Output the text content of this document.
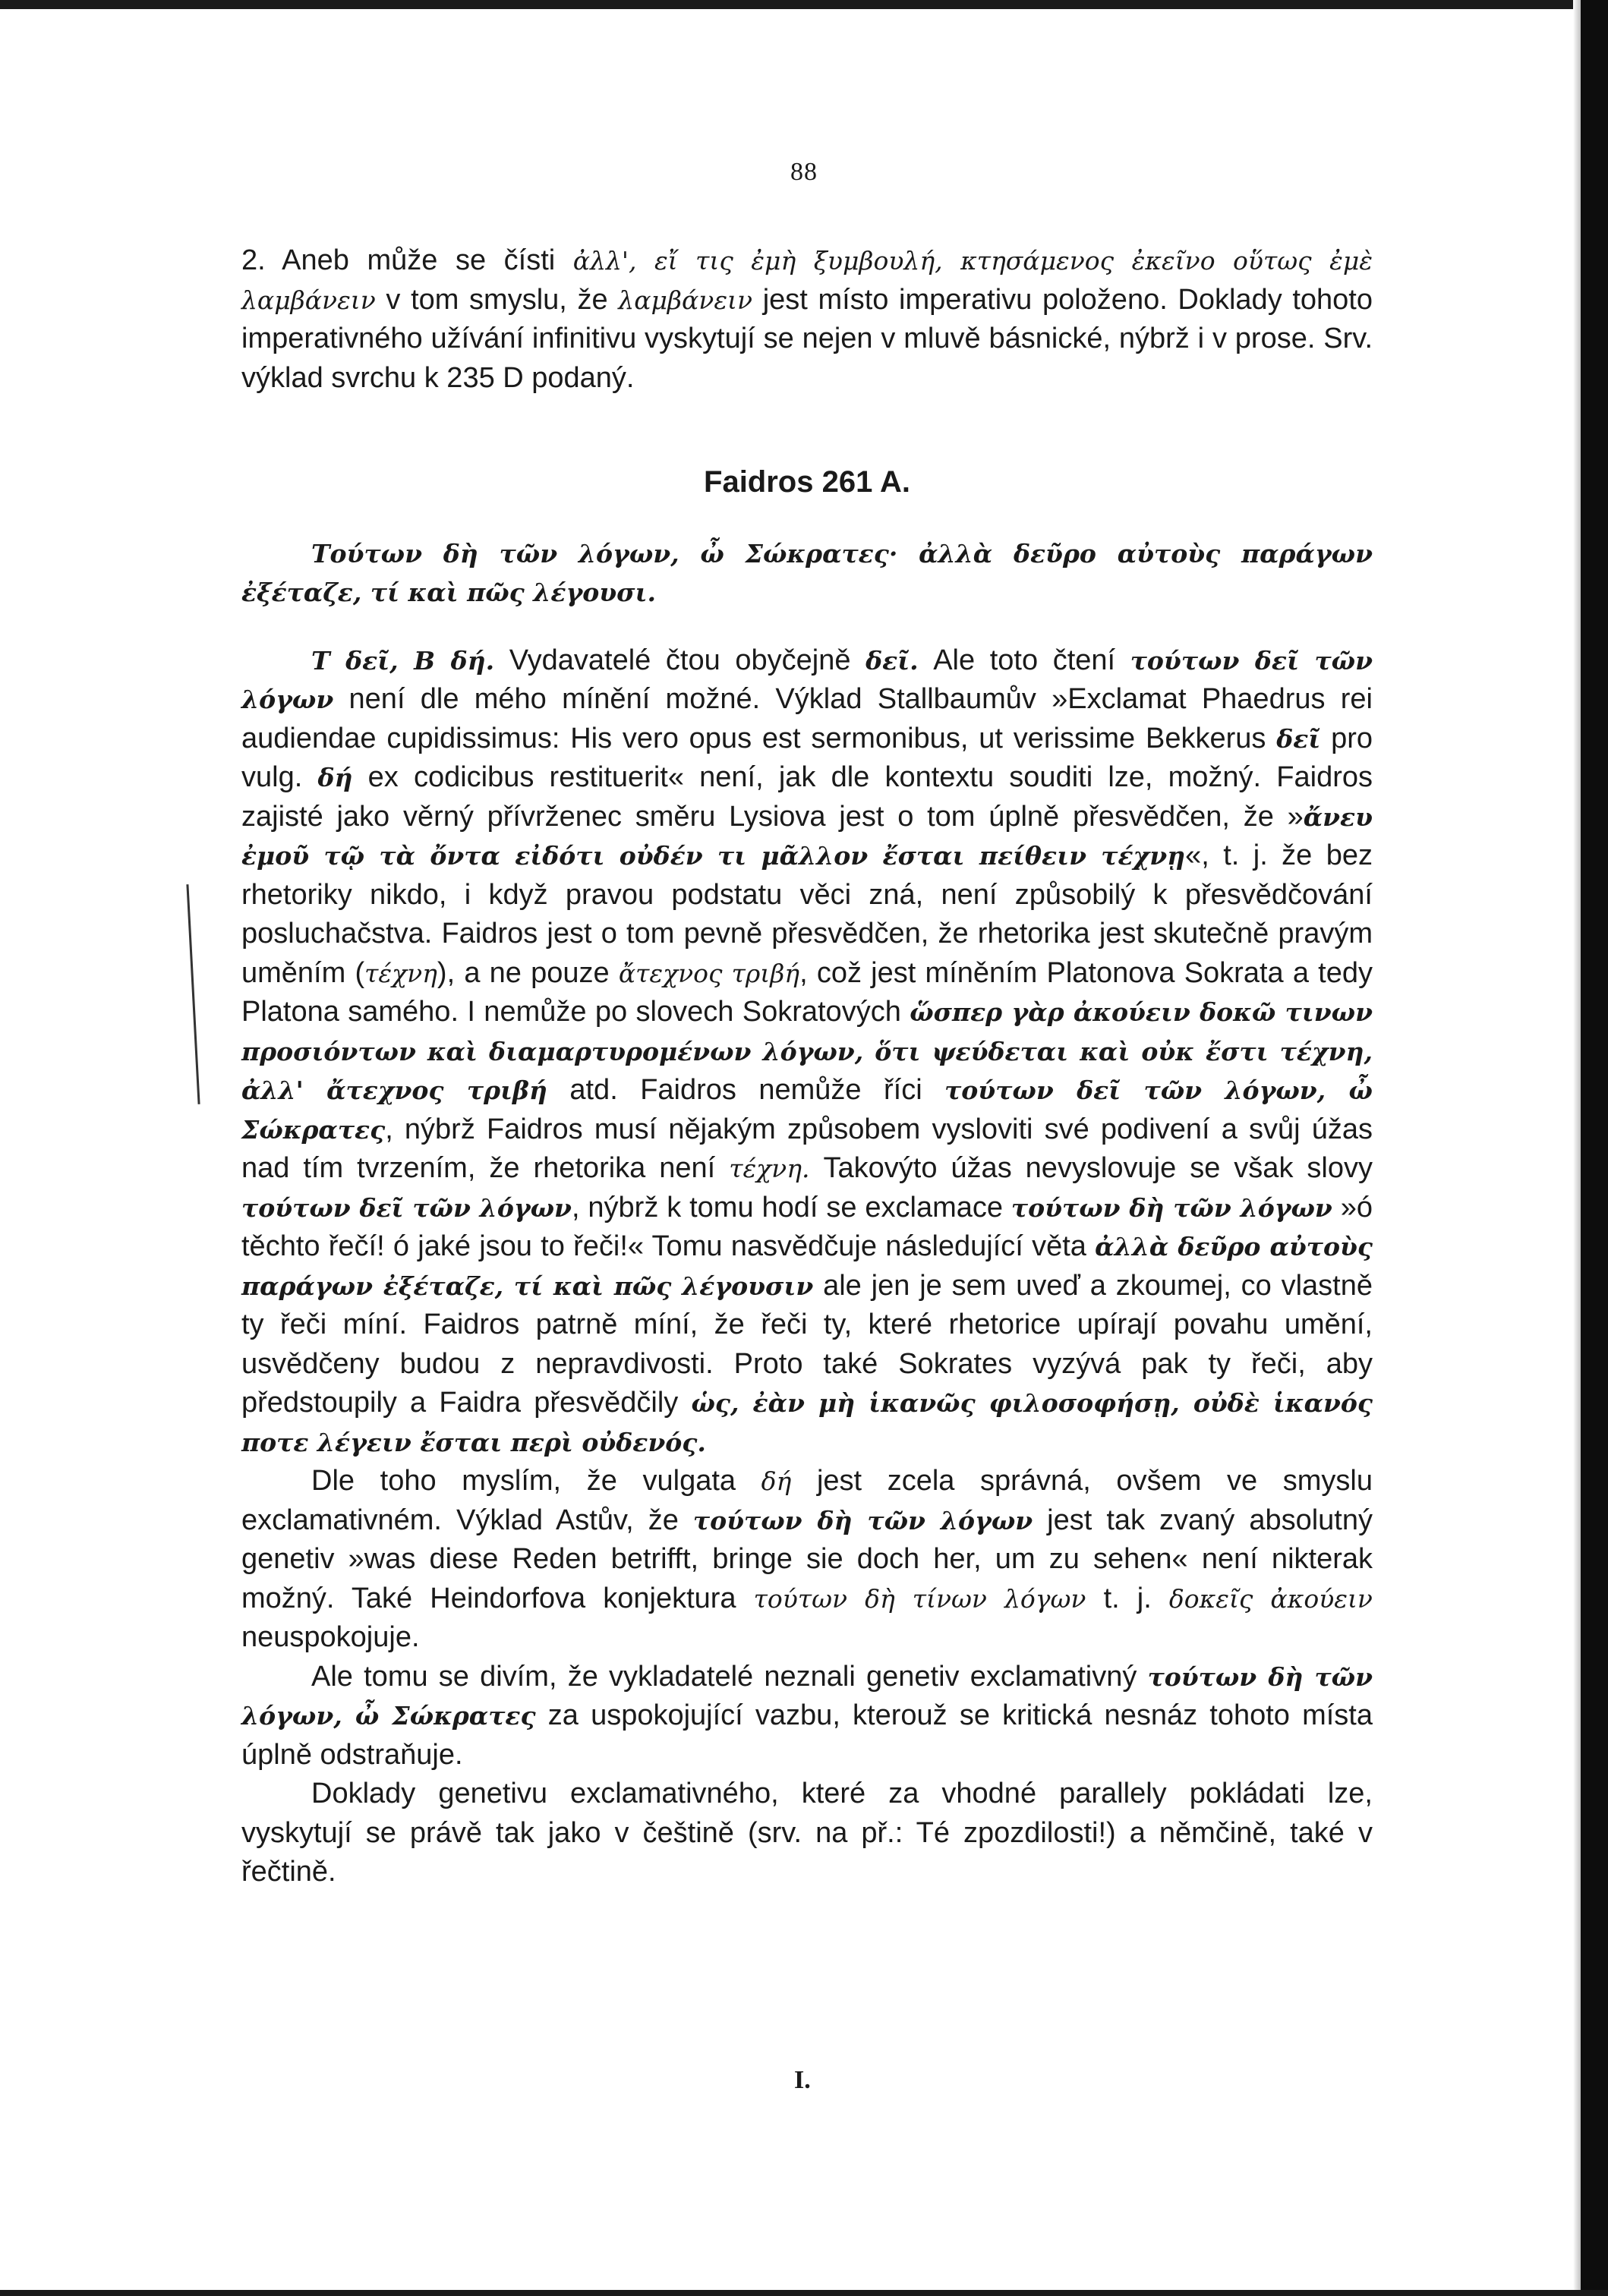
88

2. Aneb může se čísti ἀλλ', εἴ τις ἐμὴ ξυμβουλή, κτησάμενος ἐκεῖνο οὕτως ἐμὲ λαμβάνειν v tom smyslu, že λαμβάνειν jest místo imperativu položeno. Doklady tohoto imperativného užívání infinitivu vyskytují se nejen v mluvě básnické, nýbrž i v prose. Srv. výklad svrchu k 235 D podaný.

Faidros 261 A.

Τούτων δὴ τῶν λόγων, ὦ Σώκρατες· ἀλλὰ δεῦρο αὐτοὺς παράγων ἐξέταζε, τί καὶ πῶς λέγουσι.

T δεῖ, B δή. Vydavatelé čtou obyčejně δεῖ. Ale toto čtení τούτων δεῖ τῶν λόγων není dle mého mínění možné. Výklad Stallbaumův »Exclamat Phaedrus rei audiendae cupidissimus: His vero opus est sermonibus, ut verissime Bekkerus δεῖ pro vulg. δή ex codicibus restituerit« není, jak dle kontextu souditi lze, možný. Faidros zajisté jako věrný přívrženec směru Lysiova jest o tom úplně přesvědčen, že »ἄνευ ἐμοῦ τῷ τὰ ὄντα εἰδότι οὐδέν τι μᾶλλον ἔσται πείθειν τέχνῃ«, t. j. že bez rhetoriky nikdo, i když pravou podstatu věci zná, není způsobilý k přesvědčování posluchačstva. Faidros jest o tom pevně přesvědčen, že rhetorika jest skutečně pravým uměním (τέχνη), a ne pouze ἄτεχνος τριβή, což jest míněním Platonova Sokrata a tedy Platona samého. I nemůže po slovech Sokratových ὥσπερ γὰρ ἀκούειν δοκῶ τινων προσιόντων καὶ διαμαρτυρομένων λόγων, ὅτι ψεύδεται καὶ οὐκ ἔστι τέχνη, ἀλλ' ἄτεχνος τριβή atd. Faidros nemůže říci τούτων δεῖ τῶν λόγων, ὦ Σώκρατες, nýbrž Faidros musí nějakým způsobem vysloviti své podivení a svůj úžas nad tím tvrzením, že rhetorika není τέχνη. Takovýto úžas nevyslovuje se však slovy τούτων δεῖ τῶν λόγων, nýbrž k tomu hodí se exclamace τούτων δὴ τῶν λόγων »ó těchto řečí! ó jaké jsou to řeči!« Tomu nasvědčuje následující věta ἀλλὰ δεῦρο αὐτοὺς παράγων ἐξέταζε, τί καὶ πῶς λέγουσιν ale jen je sem uveď a zkoumej, co vlastně ty řeči míní. Faidros patrně míní, že řeči ty, které rhetorice upírají povahu umění, usvědčeny budou z nepravdivosti. Proto také Sokrates vyzývá pak ty řeči, aby předstoupily a Faidra přesvědčily ὡς, ἐὰν μὴ ἱκανῶς φιλοσοφήσῃ, οὐδὲ ἱκανός ποτε λέγειν ἔσται περὶ οὐδενός.

Dle toho myslím, že vulgata δή jest zcela správná, ovšem ve smyslu exclamativném. Výklad Astův, že τούτων δὴ τῶν λόγων jest tak zvaný absolutný genetiv »was diese Reden betrifft, bringe sie doch her, um zu sehen« není nikterak možný. Také Heindorfova konjektura τούτων δὴ τίνων λόγων t. j. δοκεῖς ἀκούειν neuspokojuje.

Ale tomu se divím, že vykladatelé neznali genetiv exclamativný τούτων δὴ τῶν λόγων, ὦ Σώκρατες za uspokojující vazbu, kterouž se kritická nesnáz tohoto místa úplně odstraňuje.

Doklady genetivu exclamativného, které za vhodné parallely pokládati lze, vyskytují se právě tak jako v češtině (srv. na př.: Té zpozdilosti!) a němčině, také v řečtině.

I.
